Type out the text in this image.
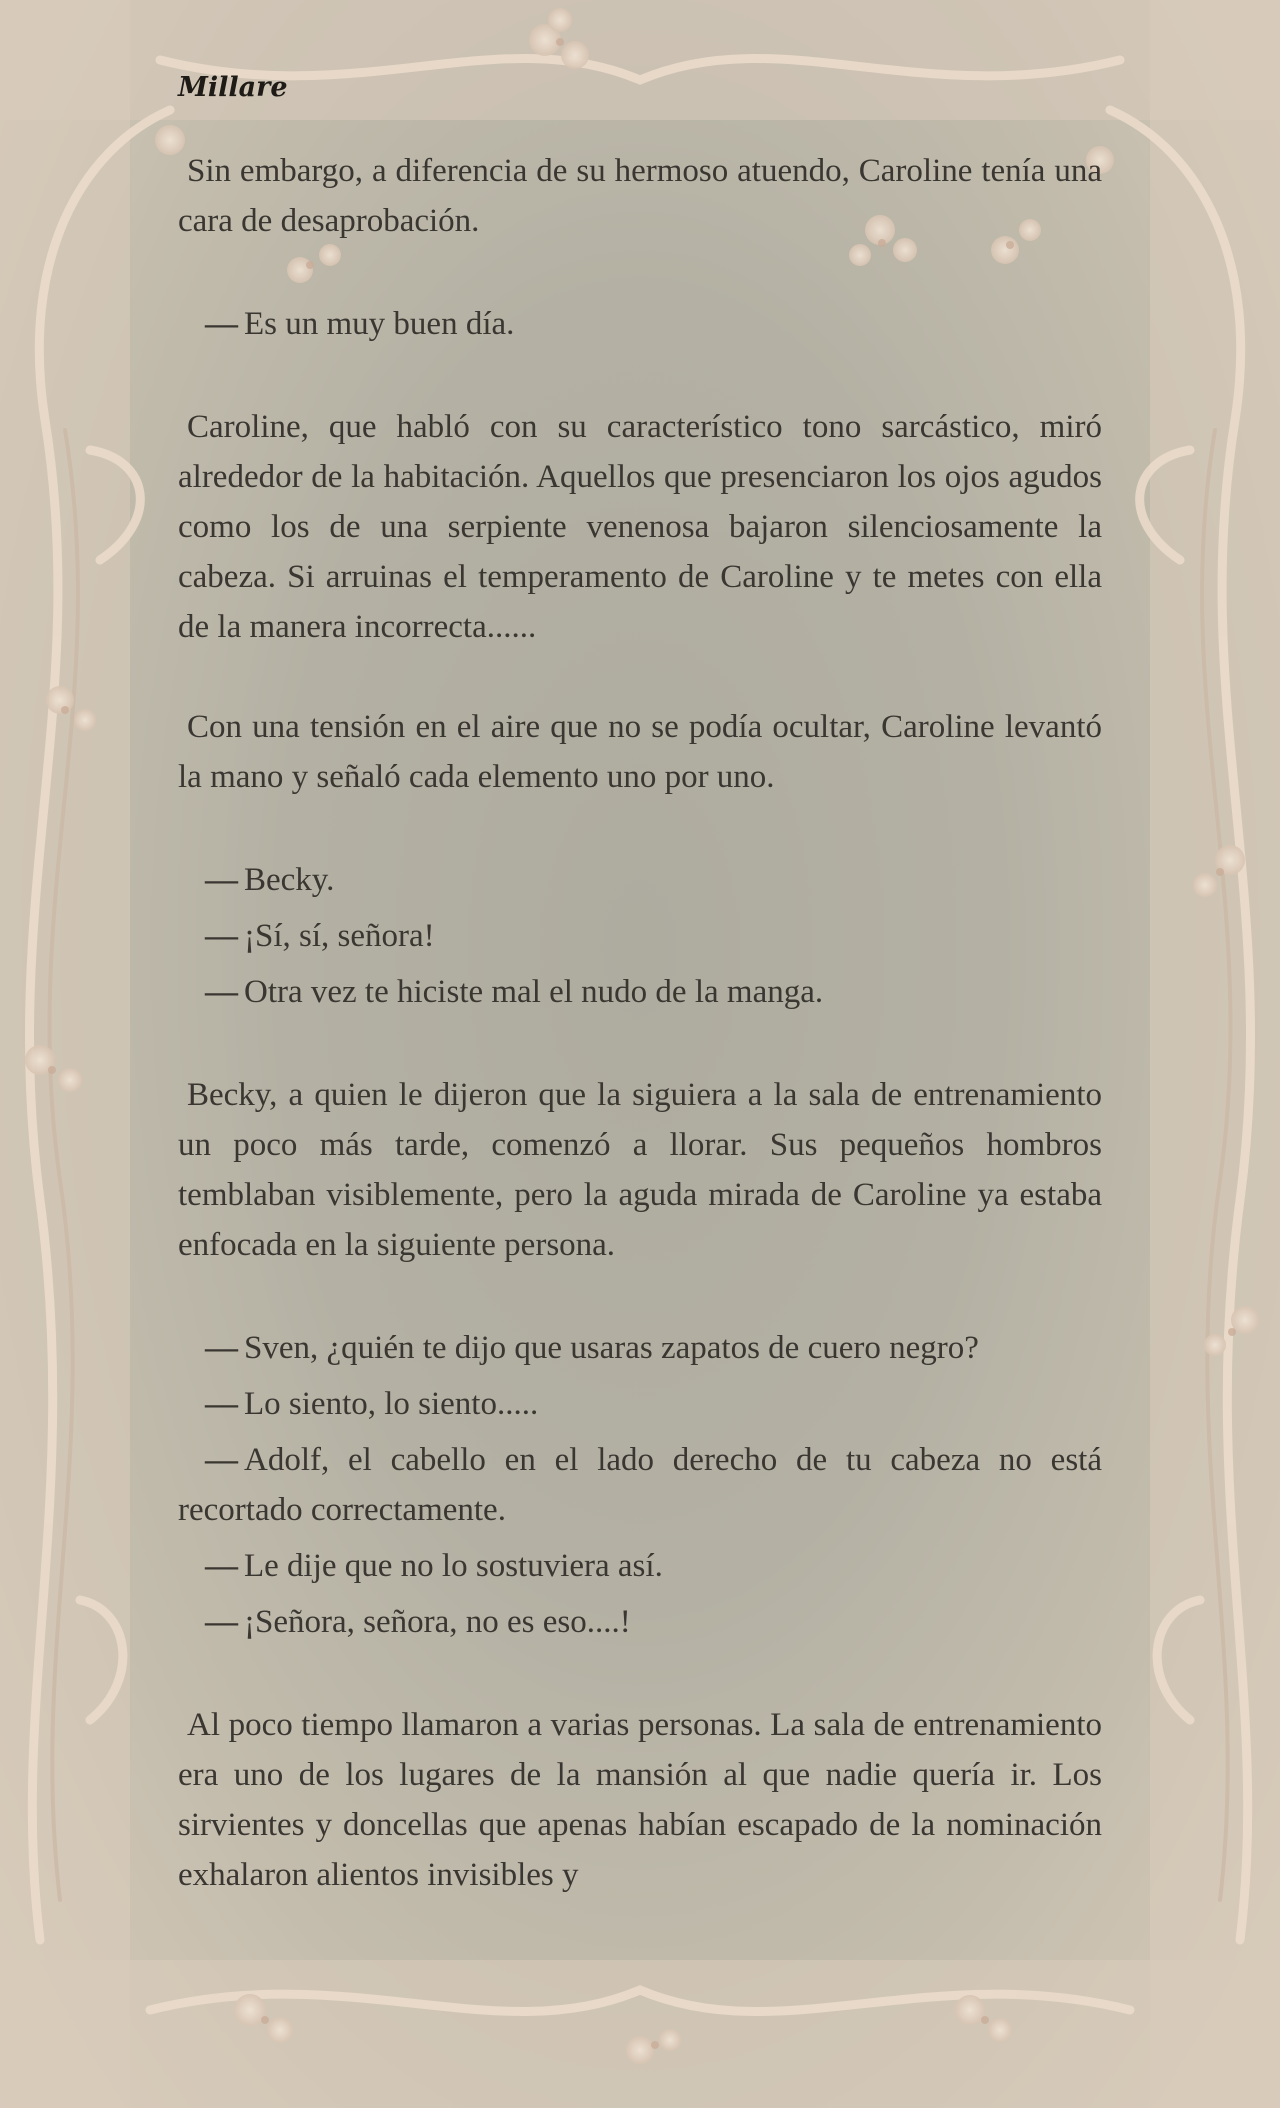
Millare

Sin embargo, a diferencia de su hermoso atuendo, Caroline tenía una cara de desaprobación.

— Es un muy buen día.

Caroline, que habló con su característico tono sarcástico, miró alrededor de la habitación. Aquellos que presenciaron los ojos agudos como los de una serpiente venenosa bajaron silenciosamente la cabeza. Si arruinas el temperamento de Caroline y te metes con ella de la manera incorrecta......

Con una tensión en el aire que no se podía ocultar, Caroline levantó la mano y señaló cada elemento uno por uno.

— Becky.

— ¡Sí, sí, señora!

— Otra vez te hiciste mal el nudo de la manga.

Becky, a quien le dijeron que la siguiera a la sala de entrenamiento un poco más tarde, comenzó a llorar. Sus pequeños hombros temblaban visiblemente, pero la aguda mirada de Caroline ya estaba enfocada en la siguiente persona.

— Sven, ¿quién te dijo que usaras zapatos de cuero negro?

— Lo siento, lo siento.....

— Adolf, el cabello en el lado derecho de tu cabeza no está recortado correctamente.

— Le dije que no lo sostuviera así.

— ¡Señora, señora, no es eso....!

Al poco tiempo llamaron a varias personas. La sala de entrenamiento era uno de los lugares de la mansión al que nadie quería ir. Los sirvientes y doncellas que apenas habían escapado de la nominación exhalaron alientos invisibles y
